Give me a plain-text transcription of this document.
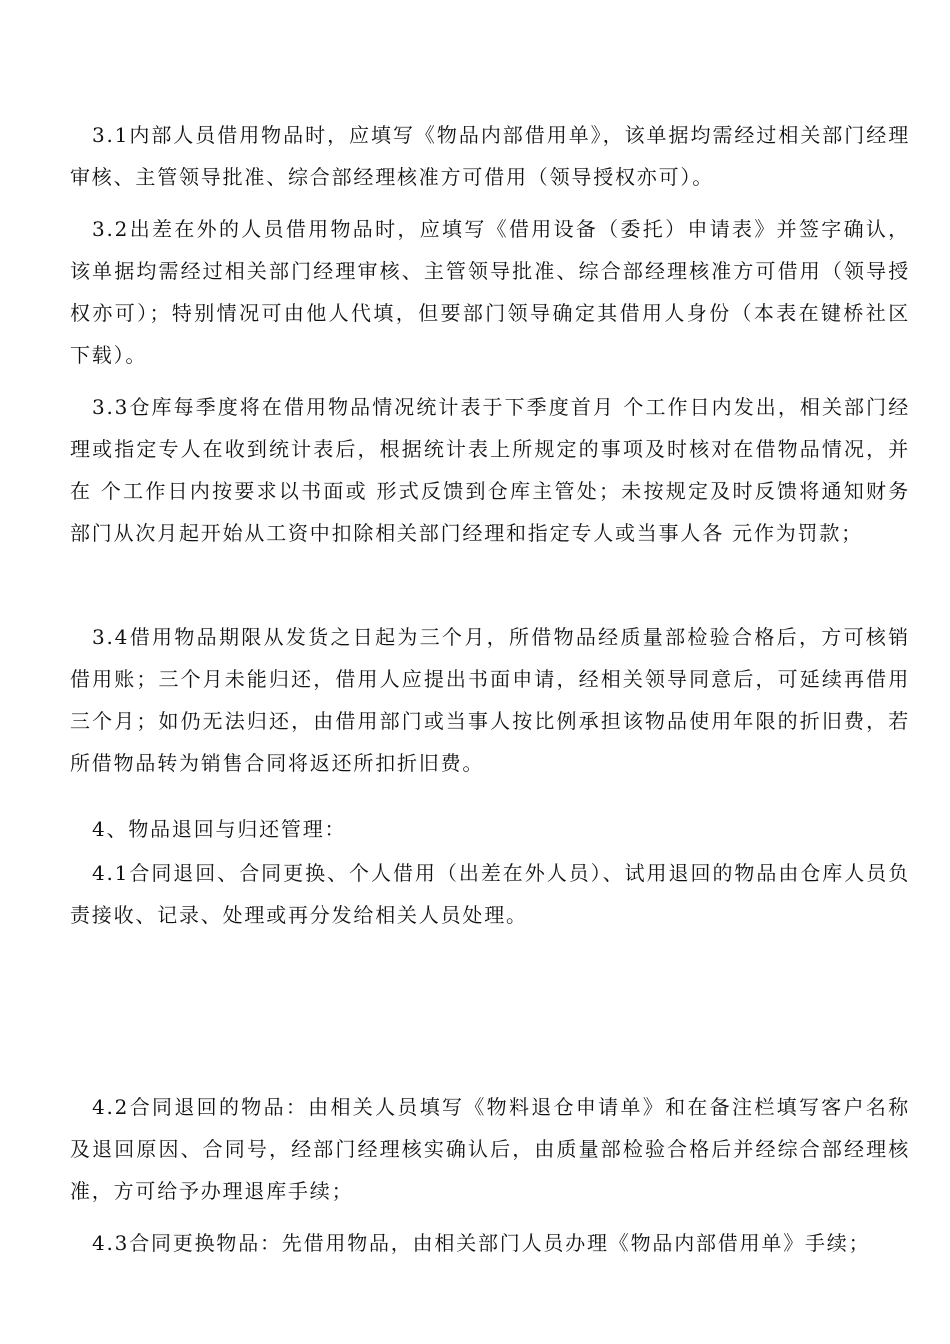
3.1内部人员借用物品时，应填写《物品内部借用单》，该单据均需经过相关部门经理审核、主管领导批准、综合部经理核准方可借用（领导授权亦可）。

3.2出差在外的人员借用物品时，应填写《借用设备（委托）申请表》并签字确认，该单据均需经过相关部门经理审核、主管领导批准、综合部经理核准方可借用（领导授权亦可）；特别情况可由他人代填，但要部门领导确定其借用人身份（本表在键桥社区下载）。

3.3仓库每季度将在借用物品情况统计表于下季度首月 个工作日内发出，相关部门经理或指定专人在收到统计表后，根据统计表上所规定的事项及时核对在借物品情况，并在 个工作日内按要求以书面或 形式反馈到仓库主管处；未按规定及时反馈将通知财务部门从次月起开始从工资中扣除相关部门经理和指定专人或当事人各 元作为罚款；

3.4借用物品期限从发货之日起为三个月，所借物品经质量部检验合格后，方可核销借用账；三个月未能归还，借用人应提出书面申请，经相关领导同意后，可延续再借用三个月；如仍无法归还，由借用部门或当事人按比例承担该物品使用年限的折旧费，若所借物品转为销售合同将返还所扣折旧费。

4、物品退回与归还管理：

4.1合同退回、合同更换、个人借用（出差在外人员）、试用退回的物品由仓库人员负责接收、记录、处理或再分发给相关人员处理。

4.2合同退回的物品：由相关人员填写《物料退仓申请单》和在备注栏填写客户名称及退回原因、合同号，经部门经理核实确认后，由质量部检验合格后并经综合部经理核准，方可给予办理退库手续；

4.3合同更换物品：先借用物品，由相关部门人员办理《物品内部借用单》手续；
